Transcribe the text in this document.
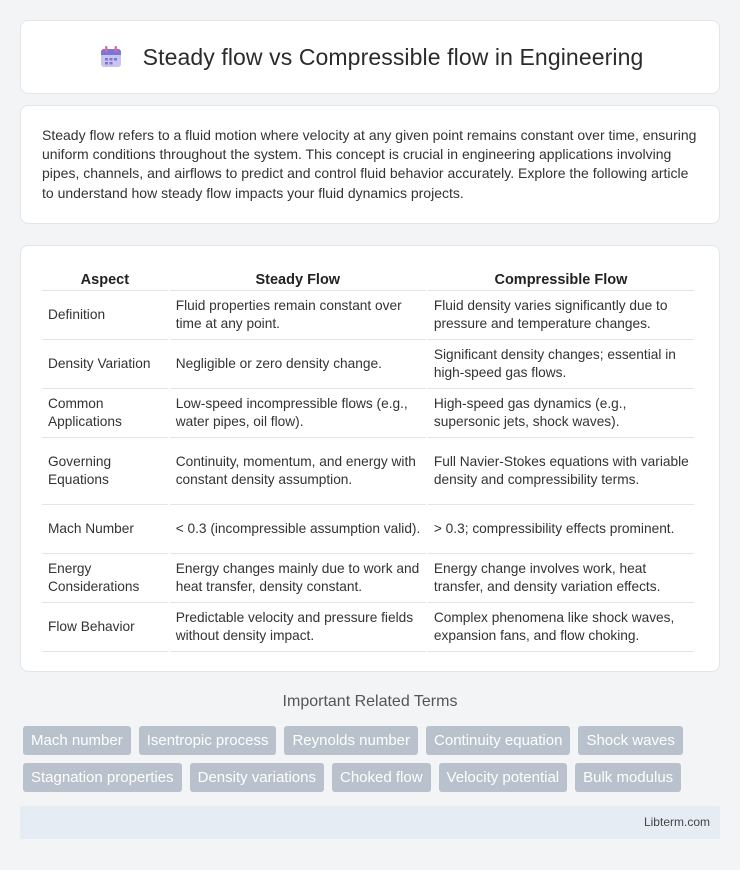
Steady flow vs Compressible flow in Engineering

Steady flow refers to a fluid motion where velocity at any given point remains constant over time, ensuring uniform conditions throughout the system. This concept is crucial in engineering applications involving pipes, channels, and airflows to predict and control fluid behavior accurately. Explore the following article to understand how steady flow impacts your fluid dynamics projects.

Aspect	Steady Flow	Compressible Flow
Definition	Fluid properties remain constant over time at any point.	Fluid density varies significantly due to pressure and temperature changes.
Density Variation	Negligible or zero density change.	Significant density changes; essential in high-speed gas flows.
Common Applications	Low-speed incompressible flows (e.g., water pipes, oil flow).	High-speed gas dynamics (e.g., supersonic jets, shock waves).
Governing Equations	Continuity, momentum, and energy with constant density assumption.	Full Navier-Stokes equations with variable density and compressibility terms.
Mach Number	< 0.3 (incompressible assumption valid).	> 0.3; compressibility effects prominent.
Energy Considerations	Energy changes mainly due to work and heat transfer, density constant.	Energy change involves work, heat transfer, and density variation effects.
Flow Behavior	Predictable velocity and pressure fields without density impact.	Complex phenomena like shock waves, expansion fans, and flow choking.
Important Related Terms
Mach number	Isentropic process	Reynolds number	Continuity equation	Shock waves
Stagnation properties	Density variations	Choked flow	Velocity potential	Bulk modulus
Libterm.com
